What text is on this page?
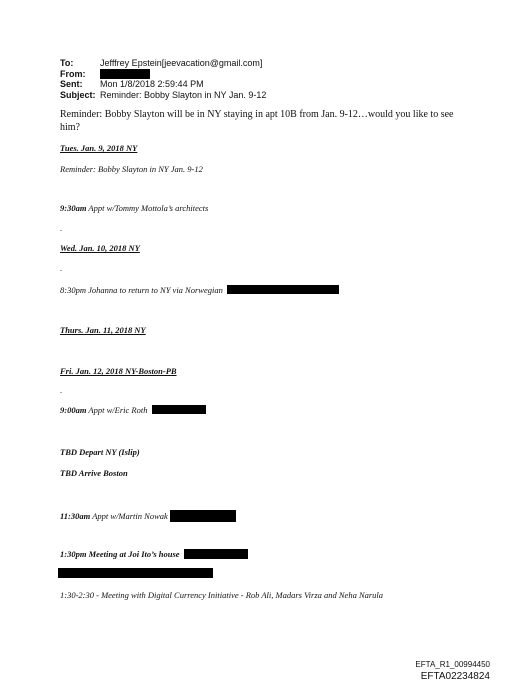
To:	Jefffrey Epstein[jeevacation@gmail.com]
From:
Sent:	Mon 1/8/2018 2:59:44 PM
Subject: Reminder: Bobby Slayton in NY Jan. 9-12
Reminder: Bobby Slayton will be in NY staying in apt 10B from Jan. 9-12…would you like to see him?
Tues. Jan. 9, 2018 NY
Reminder: Bobby Slayton in NY Jan. 9-12
9:30am Appt w/Tommy Mottola’s architects
.
Wed. Jan. 10, 2018 NY
.
8:30pm Johanna to return to NY via Norwegian
Thurs. Jan. 11, 2018 NY
Fri. Jan. 12, 2018 NY-Boston-PB
.
9:00am Appt w/Eric Roth
TBD Depart NY (Islip)
TBD Arrive Boston
11:30am Appt w/Martin Nowak
1:30pm Meeting at Joi Ito’s house
1:30-2:30 - Meeting with Digital Currency Initiative - Rob Ali, Madars Virza and Neha Narula
EFTA_R1_00994450
EFTA02234824
